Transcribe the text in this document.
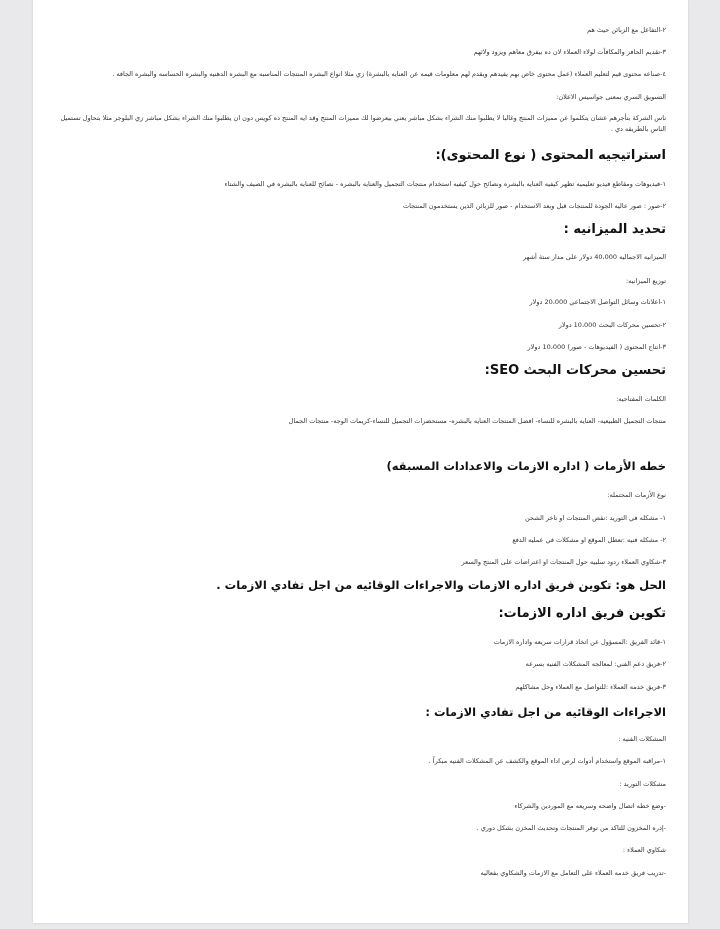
٢-التفاعل مع الزبائن حيث هم
٣-تقديم الحافز والمكافآت لولاء العملاء لان ده بيفرق معاهم ويزود ولائهم
٤-صناعه محتوى قيم لتعليم العملاء (عمل محتوى خاص بهم يفيدهم ويقدم لهم معلومات قيمه عن العنايه بالبشرة) زي مثلا انواع البشره المنتجات المناسبه مع البشره الدهنيه والبشره الحساسه والبشره الجافه .
التسويق السري بمعنى جواسيس الاعلان:
ناس الشركة بتأجرهم عشان يتكلموا عن مميزات المنتج وغالبا لا يطلبوا منك الشراء بشكل مباشر يعني بيعرضوا لك مميزات المنتج وقد ايه المنتج ده كويس دون ان يطلبوا منك الشراء بشكل مباشر زي البلوجر مثلا بتحاول تستميل الناس بالطريقه دي .
استراتيجيه المحتوى ( نوع المحتوى):
١-فيديوهات ومقاطع فيديو تعليميه تظهر كيفيه العنايه بالبشره ونصائح حول كيفيه استخدام منتجات التجميل والعنايه بالبشره - نصائح للعنايه بالبشره في الصيف والشتاء
٢-صور : صور عاليه الجودة للمنتجات قبل وبعد الاستخدام - صور للزبائن الذين يستخدمون المنتجات
تحديد الميزانيه :
الميزانيه الاجماليه 40،000 دولار على مدار ستة أشهر
توزيع الميزانيه:
١-اعلانات وسائل التواصل الاجتماعي 20،000 دولار
٢-تحسين محركات البحث 10،000 دولار
٣-انتاج المحتوى ( الفيديوهات - صور) 10،000 دولار
تحسين محركات البحث SEO:
الكلمات المفتاحيه:
منتجات التجميل الطبيعيه- العنايه بالبشره للنساء- افضل المنتجات العنايه بالبشره- مستحضرات التجميل للنساء-كريمات الوجه- منتجات الجمال
خطه الأزمات ( اداره الازمات والاعدادات المسبقه)
نوع الأزمات المحتمله:
١- مشكله في التوريد :نقص المنتجات او تاخر الشحن
٢- مشكله فنيه :تعطل الموقع او مشكلات في عمليه الدفع
٣-شكاوي العملاء ردود سلبيه حول المنتجات او اعتراضات على المنتج والسعر
الحل هو: تكوين فريق اداره الازمات والاجراءات الوقائيه من اجل تفادي الازمات .
تكوين فريق اداره الازمات:
١-قائد الفريق :المسؤول عن اتخاذ قرارات سريعه واداره الازمات
٢-فريق دعم الفني: لمعالجه المشكلات الفنيه بسرعه
٣-فريق خدمه العملاء :للتواصل مع العملاء وحل مشاكلهم
الاجراءات الوقائيه من اجل تفادي الازمات :
المشكلات الفنيه :
١-مراقبه الموقع واستخدام أدوات لرص اداء الموقع والكشف عن المشكلات الفنيه مبكراً .
مشكلات التوريد :
-وضع خطه اتصال واضحه وسريعه مع الموردين والشركاء
-إدره المخزون للتاكد من توفر المنتجات وتحديث المخزن بشكل دوري .
شكاوي العملاء :
-تدريب فريق خدمه العملاء على التعامل مع الازمات والشكاوي بفعاليه
